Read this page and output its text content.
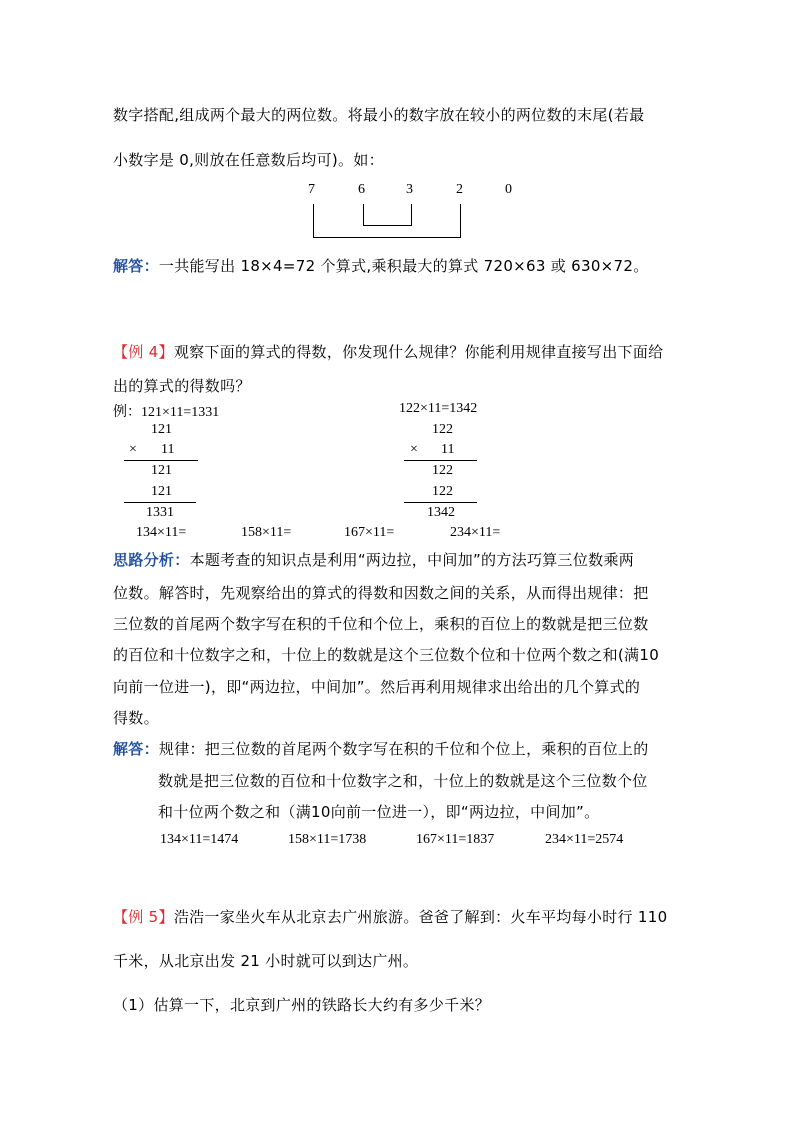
数字搭配,组成两个最大的两位数。将最小的数字放在较小的两位数的末尾(若最
小数字是 0,则放在任意数后均可)。如：
7	6	3	2	0
解答：一共能写出 18×4=72 个算式,乘积最大的算式 720×63 或 630×72。
【例 4】观察下面的算式的得数，你发现什么规律？你能利用规律直接写出下面给
出的算式的得数吗？
例：121×11=1331	122×11=1342
121
× 11
121
121
1331
122
× 11
122
122
1342
134×11=	158×11=	167×11=	234×11=
思路分析：本题考查的知识点是利用“两边拉，中间加”的方法巧算三位数乘两
位数。解答时，先观察给出的算式的得数和因数之间的关系，从而得出规律：把
三位数的首尾两个数字写在积的千位和个位上，乘积的百位上的数就是把三位数
的百位和十位数字之和，十位上的数就是这个三位数个位和十位两个数之和(满10
向前一位进一)，即“两边拉，中间加”。然后再利用规律求出给出的几个算式的
得数。
解答：规律：把三位数的首尾两个数字写在积的千位和个位上，乘积的百位上的
数就是把三位数的百位和十位数字之和，十位上的数就是这个三位数个位
和十位两个数之和（满10向前一位进一），即“两边拉，中间加”。
134×11=1474	158×11=1738	167×11=1837	234×11=2574
【例 5】浩浩一家坐火车从北京去广州旅游。爸爸了解到：火车平均每小时行 110
千米，从北京出发 21 小时就可以到达广州。
（1）估算一下，北京到广州的铁路长大约有多少千米？
